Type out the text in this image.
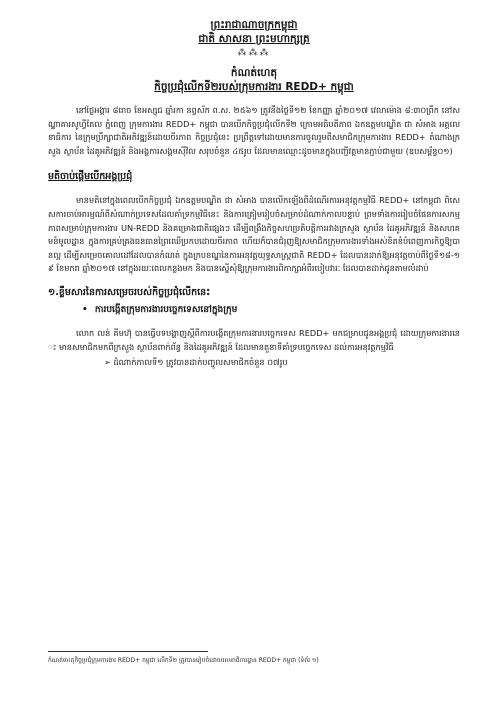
ព្រះរាជាណាចក្រកម្ពុជា
ជាតិ សាសនា ព្រះមហាក្សត្រ
⁂⁂⁂
កំណត់ហេតុ
កិច្ចប្រជុំលើកទី២របស់ក្រុមការងារ REDD+ កម្ពុជា

នៅថ្ងៃអង្គារ ៨រោច ខែអស្សុជ ឆ្នាំរកា នព្វស័ក ព.ស. ២៥៦១ ត្រូវនឹងថ្ងៃទី១២ ខែកញ្ញា ឆ្នាំ២០១៧ វេលាម៉ោង ៨:៣០ព្រឹក នៅសណ្ឋាគារសូហ្វីតែល ភ្នំពេញ ក្រុមការងារ REDD+ កម្ពុជា បានបើកកិច្ចប្រជុំលើកទី២ ក្រោមអធិបតីភាព ឯកឧត្តមបណ្ឌិត ជា សំអាង អគ្គលេខាធិការ នៃក្រុមប្រឹក្សាជាតិអភិវឌ្ឍន៍ដោយចីរភាព កិច្ចប្រជុំនេះ ប្រព្រឹត្តទៅដោយមានការចូលរួមពីសមាជិកក្រុមការងារ REDD+ តំណាងក្រសួង ស្ថាប័ន ដៃគូអភិវឌ្ឍន៍ និងអង្គការសង្គមស៊ីវិល សរុបចំនួន ៤៥រូប ដែលមានឈ្មោះដូចមានក្នុងបញ្ជីវត្តមានភ្ជាប់ជាមួយ (ឧបសម្ព័ន្ធ០១)

មតិចាប់ផ្តើមបើកអង្គប្រជុំ

មានមតិនៅក្នុងពេលបើកកិច្ចប្រជុំ ឯកឧត្តមបណ្ឌិត ជា សំអាង បានលើកឡើងពីដំណើរការអនុវត្តកម្មវិធី REDD+ នៅកម្ពុជា ពិសេសការចាប់អារម្មណ៍ពីសំណាក់ប្រទេសដែលគាំទ្រកម្មវិធីនេះ និងការត្រៀមរៀបចំសម្រាប់ដំណាក់កាលបន្ទាប់ ព្រមទាំងការរៀបចំផែនការសកម្មភាពសម្រាប់ក្រុមការងារ UN-REDD និងគម្រោងជាតិផ្សេងៗ ដើម្បីពង្រឹងកិច្ចសហប្រតិបត្តិការរវាងក្រសួង ស្ថាប័ន ដៃគូអភិវឌ្ឍន៍ និងសហគមន៍មូលដ្ឋាន ក្នុងការគ្រប់គ្រងធនធានព្រៃឈើប្រកបដោយចីរភាព ហើយក៏បានជំរុញឱ្យសមាជិកក្រុមការងារទាំងអស់ខិតខំបំពេញភារកិច្ចឱ្យបានល្អ ដើម្បីសម្រេចគោលដៅដែលបានកំណត់ ក្នុងក្របខណ្ឌនៃការអនុវត្តយុទ្ធសាស្ត្រជាតិ REDD+ ដែលបានដាក់ឱ្យអនុវត្តចាប់ពីថ្ងៃទី១៨-១៩ ខែមករា ឆ្នាំ២០១៧ នៅក្នុងរយៈពេលកន្លងមក និងបានស្នើសុំឱ្យក្រុមការងារពិភាក្សាអំពីរបៀបវារៈ ដែលបានដាក់ជូនតាមលំដាប់

១.ខ្លឹមសារនៃការសម្រេចរបស់កិច្ចប្រជុំលើកនេះ
• ការបង្កើតក្រុមការងារបច្ចេកទេសនៅក្នុងក្រុម

លោក លន់ គីមហ៊ុ បានធ្វើបទបង្ហាញស្តីពីការបង្កើតក្រុមការងារបច្ចេកទេស REDD+ មកជម្រាបជូនអង្គប្រជុំ ដោយក្រុមការងារនេះ មានសមាជិកមកពីក្រសួង ស្ថាប័នពាក់ព័ន្ធ និងដៃគូអភិវឌ្ឍន៍ ដែលមានតួនាទីគាំទ្របច្ចេកទេស ដល់ការអនុវត្តកម្មវិធី

➢ ដំណាក់កាលទី១ ត្រូវបានដាក់បញ្ចូលសមាជិកចំនួន ០៧រូប
កំណត់ហេតុកិច្ចប្រជុំក្រុមការងារ REDD+ កម្ពុជា លើកទី២ ត្រូវបានរៀបចំដោយលេខាធិការដ្ឋាន REDD+ កម្ពុជា (ទំព័រ ១)
